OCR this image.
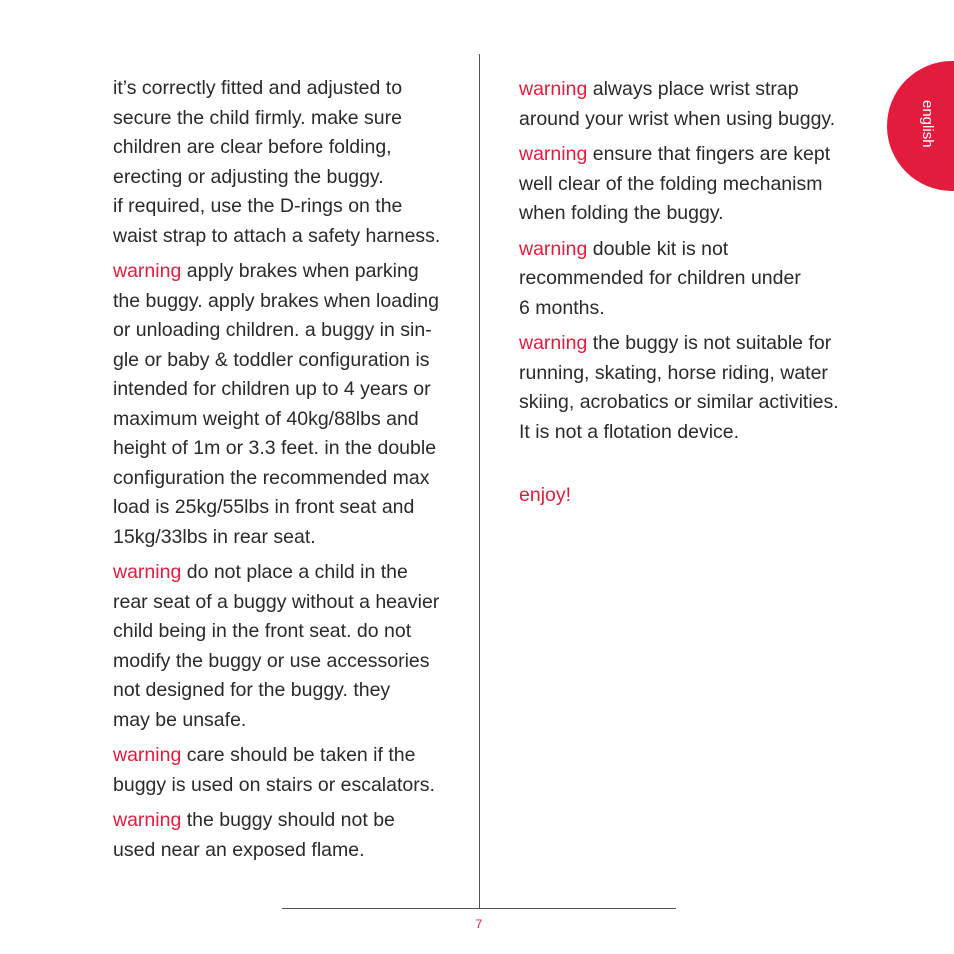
english
7
it’s correctly fitted and adjusted to
secure the child firmly. make sure
children are clear before folding,
erecting or adjusting the buggy.
if required, use the D-rings on the
waist strap to attach a safety harness.
warning apply brakes when parking
the buggy. apply brakes when loading
or unloading children. a buggy in sin-
gle or baby & toddler configuration is
intended for children up to 4 years or
maximum weight of 40kg/88lbs and
height of 1m or 3.3 feet. in the double
configuration the recommended max
load is 25kg/55lbs in front seat and
15kg/33lbs in rear seat.
warning do not place a child in the
rear seat of a buggy without a heavier
child being in the front seat. do not
modify the buggy or use accessories
not designed for the buggy. they
may be unsafe.
warning care should be taken if the
buggy is used on stairs or escalators.
warning the buggy should not be
used near an exposed flame.
warning always place wrist strap
around your wrist when using buggy.
warning ensure that fingers are kept
well clear of the folding mechanism
when folding the buggy.
warning double kit is not
recommended for children under
6 months.
warning the buggy is not suitable for
running, skating, horse riding, water
skiing, acrobatics or similar activities.
It is not a flotation device.
enjoy!
